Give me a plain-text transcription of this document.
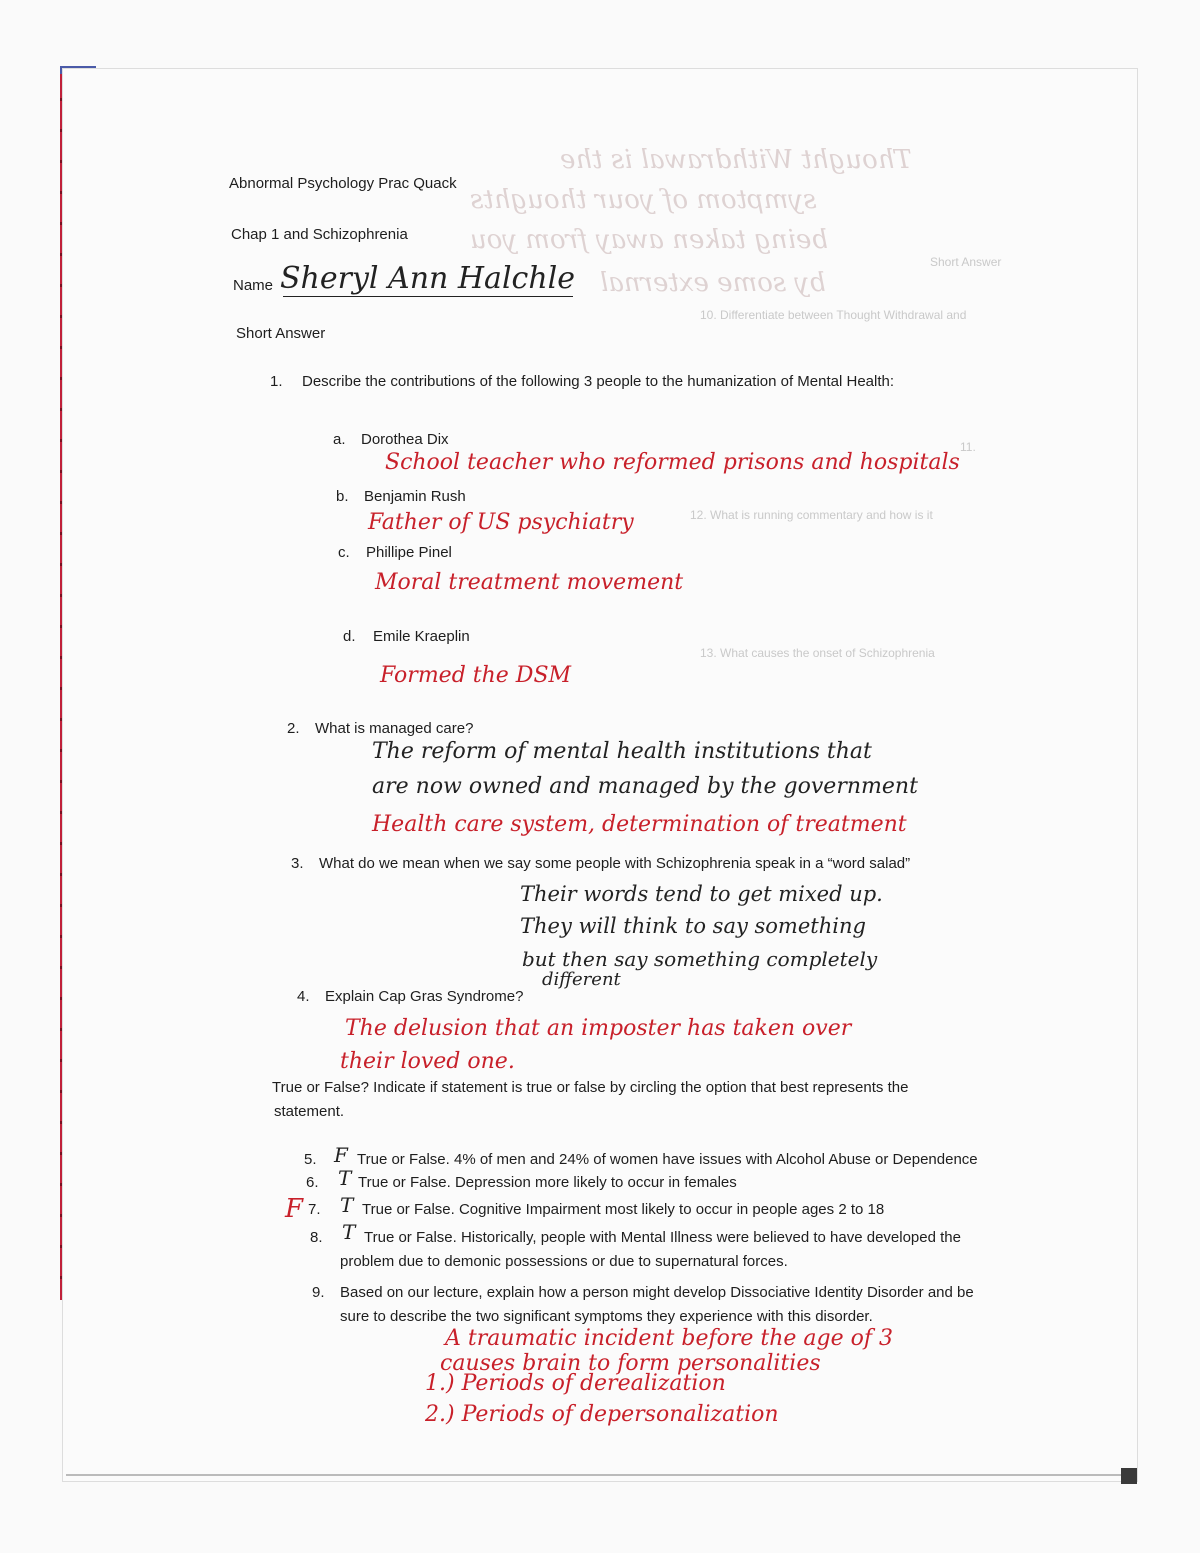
Thought Withdrawal is the
symptom of your thoughts
being taken away from you
by some external
Short Answer
10. Differentiate between Thought Withdrawal and
11.
12. What is running commentary and how is it
13. What causes the onset of Schizophrenia
Abnormal Psychology Prac Quack
Chap 1 and Schizophrenia
Name Sheryl Ann Halchle
Short Answer
1. Describe the contributions of the following 3 people to the humanization of Mental Health:
a. Dorothea Dix
School teacher who reformed prisons and hospitals
b. Benjamin Rush
Father of US psychiatry
c. Phillipe Pinel
Moral treatment movement
d. Emile Kraeplin
Formed the DSM
2. What is managed care?
The reform of mental health institutions that
are now owned and managed by the government
Health care system, determination of treatment
3. What do we mean when we say some people with Schizophrenia speak in a “word salad”
Their words tend to get mixed up.
They will think to say something
but then say something completely
different
4. Explain Cap Gras Syndrome?
The delusion that an imposter has taken over
their loved one.
True or False? Indicate if statement is true or false by circling the option that best represents the
statement.
5. F True or False. 4% of men and 24% of women have issues with Alcohol Abuse or Dependence
6. T True or False. Depression more likely to occur in females
F 7. T True or False. Cognitive Impairment most likely to occur in people ages 2 to 18
8. T True or False. Historically, people with Mental Illness were believed to have developed the
problem due to demonic possessions or due to supernatural forces.
9. Based on our lecture, explain how a person might develop Dissociative Identity Disorder and be
sure to describe the two significant symptoms they experience with this disorder.
A traumatic incident before the age of 3
causes brain to form personalities
1.) Periods of derealization
2.) Periods of depersonalization
